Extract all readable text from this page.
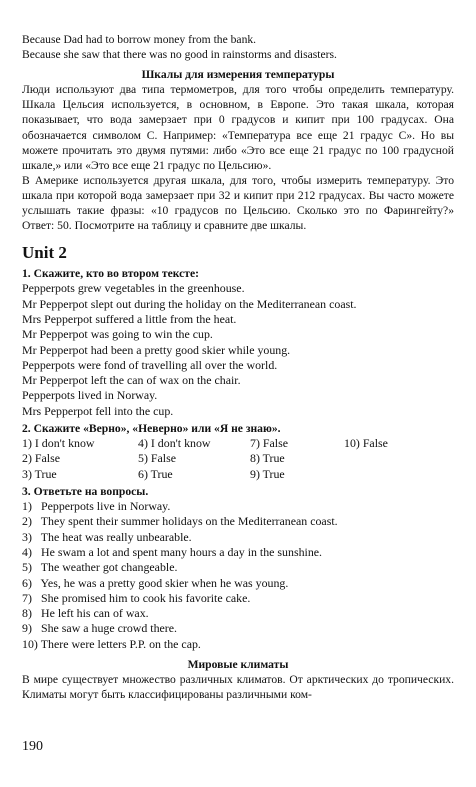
Because Dad had to borrow money from the bank.
Because she saw that there was no good in rainstorms and disasters.
Шкалы для измерения температуры

Люди используют два типа термометров, для того чтобы определить температуру. Шкала Цельсия используется, в основном, в Европе. Это такая шкала, которая показывает, что вода замерзает при 0 градусов и кипит при 100 градусах. Она обозначается символом С. Например: «Температура все еще 21 градус С». Но вы можете прочитать это двумя путями: либо «Это все еще 21 градус по 100 градусной шкале,» или «Это все еще 21 градус по Цельсию».

В Америке используется другая шкала, для того, чтобы измерить температуру. Это шкала при которой вода замерзает при 32 и кипит при 212 градусах. Вы часто можете услышать такие фразы: «10 градусов по Цельсию. Сколько это по Фарингейту?» Ответ: 50. Посмотрите на таблицу и сравните две шкалы.

Unit 2
1. Скажите, кто во втором тексте:
Pepperpots grew vegetables in the greenhouse.
Mr Pepperpot slept out during the holiday on the Mediterranean coast.
Mrs Pepperpot suffered a little from the heat.
Mr Pepperpot was going to win the cup.
Mr Pepperpot had been a pretty good skier while young.
Pepperpots were fond of travelling all over the world.
Mr Pepperpot left the can of wax on the chair.
Pepperpots lived in Norway.
Mrs Pepperpot fell into the cup.
2. Скажите «Верно», «Неверно» или «Я не знаю».
1) I don't know	4) I don't know	7) False	10) False
2) False	5) False	8) True
3) True	6) True	9) True
3. Ответьте на вопросы.
1) Pepperpots live in Norway.
2) They spent their summer holidays on the Mediterranean coast.
3) The heat was really unbearable.
4) He swam a lot and spent many hours a day in the sunshine.
5) The weather got changeable.
6) Yes, he was a pretty good skier when he was young.
7) She promised him to cook his favorite cake.
8) He left his can of wax.
9) She saw a huge crowd there.
10) There were letters P.P. on the cap.
Мировые климаты

В мире существует множество различных климатов. От арктических до тропических. Климаты могут быть классифицированы различными ком-

190
